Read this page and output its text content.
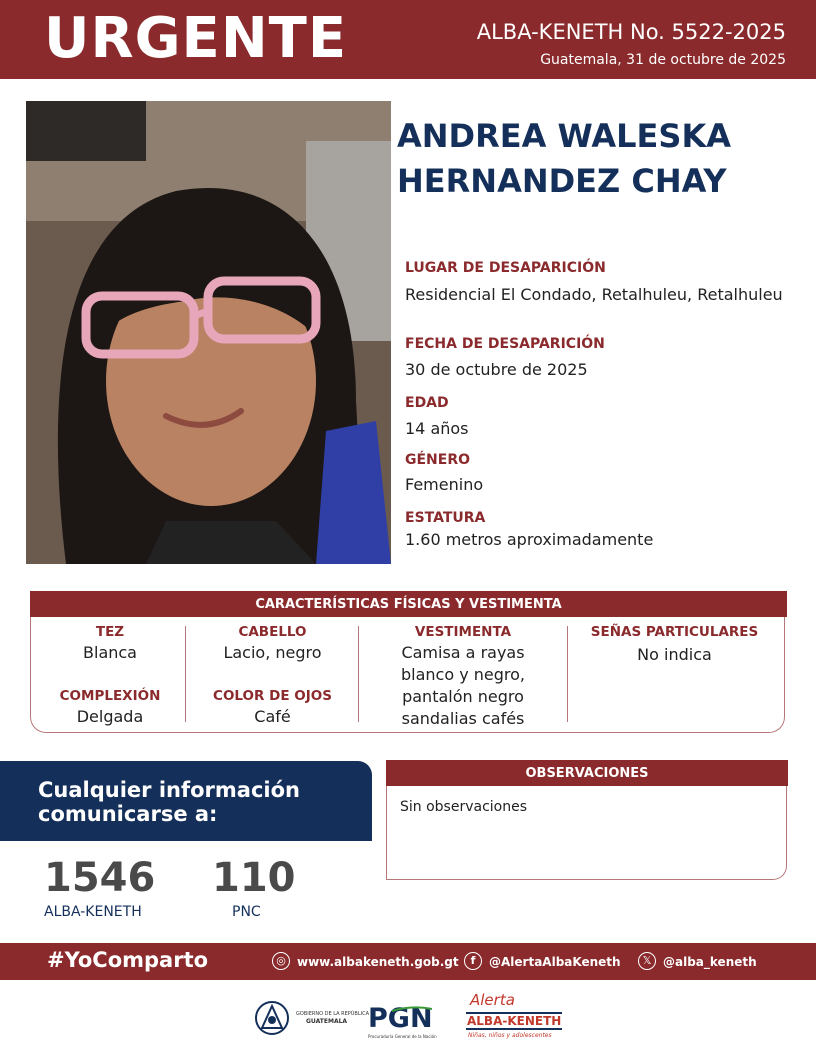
URGENTE	ALBA-KENETH No. 5522-2025
Guatemala, 31 de octubre de 2025
ANDREA WALESKA
HERNANDEZ CHAY
LUGAR DE DESAPARICIÓN
Residencial El Condado, Retalhuleu, Retalhuleu
FECHA DE DESAPARICIÓN
30 de octubre de 2025
EDAD
14 años
GÉNERO
Femenino
ESTATURA
1.60 metros aproximadamente
CARACTERÍSTICAS FÍSICAS Y VESTIMENTA
TEZ
Blanca
COMPLEXIÓN
Delgada
CABELLO
Lacio, negro
COLOR DE OJOS
Café
VESTIMENTA
Camisa a rayas
blanco y negro,
pantalón negro
sandalias cafés
SEÑAS PARTICULARES
No indica
Cualquier información
comunicarse a:
1546
ALBA-KENETH
110
PNC
OBSERVACIONES
Sin observaciones
#YoComparto	◎ www.albakeneth.gob.gt	f	@AlertaAlbaKeneth	𝕏 @alba_keneth
GOBIERNO DE LA REPÚBLICA
GUATEMALA PGN
Procuraduría General de la Nación
Alerta
ALBA-KENETH
Niñas, niños y adolescentes
